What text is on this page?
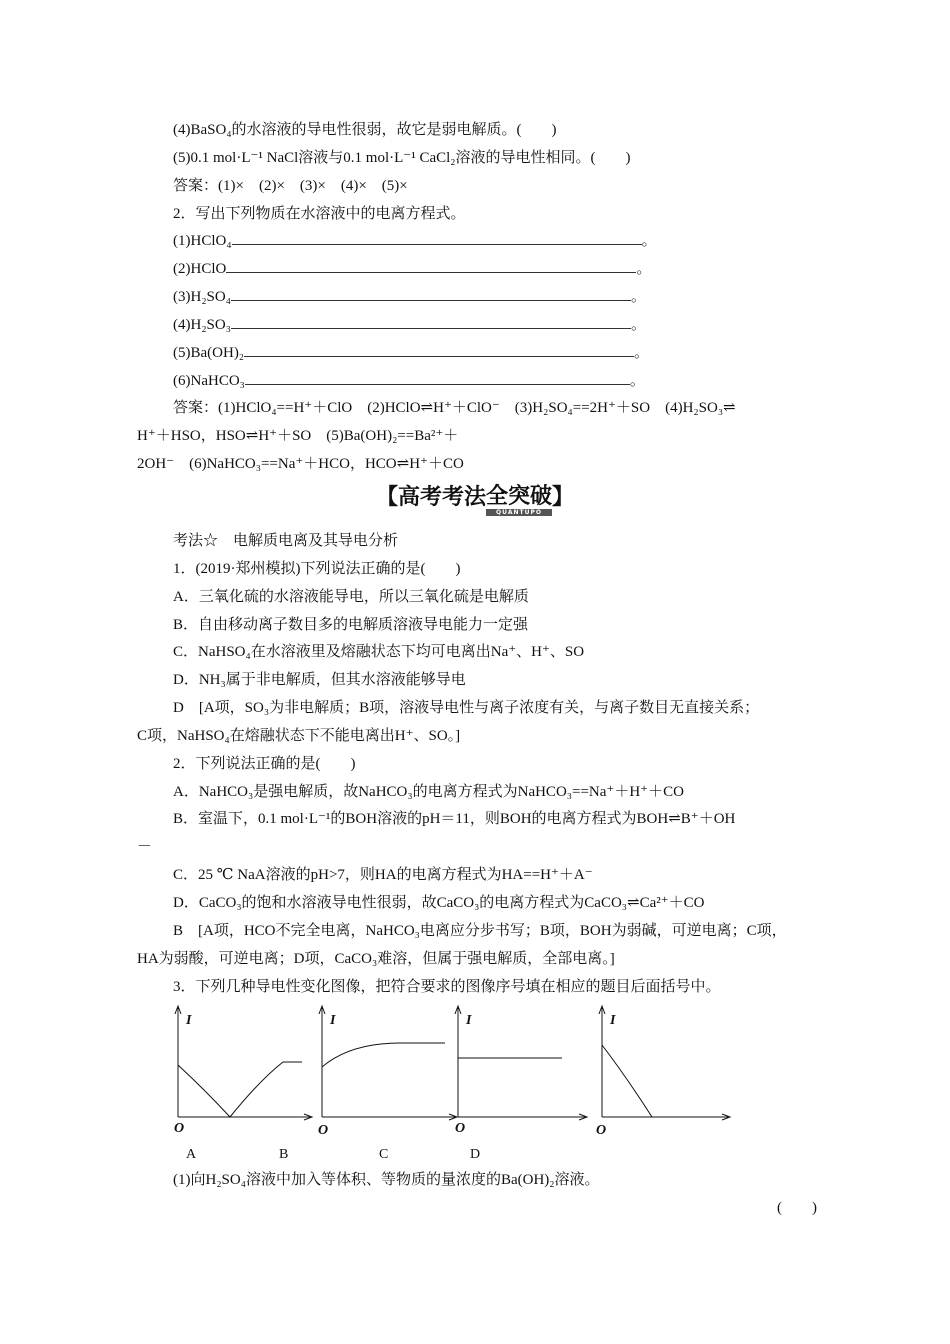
(4)BaSO₄的水溶液的导电性很弱，故它是弱电解质。(　　)
(5)0.1 mol·L⁻¹ NaCl溶液与0.1 mol·L⁻¹ CaCl₂溶液的导电性相同。(　　)
答案：(1)×　(2)×　(3)×　(4)×　(5)×
2．写出下列物质在水溶液中的电离方程式。
(1)HClO₄	。
(2)HClO	。
(3)H₂SO₄	。
(4)H₂SO₃	。
(5)Ba(OH)₂	。
(6)NaHCO₃	。
答案：(1)HClO₄==H⁺＋ClO　(2)HClO⇌H⁺＋ClO⁻　(3)H₂SO₄==2H⁺＋SO　(4)H₂SO₃⇌
H⁺＋HSO，HSO⇌H⁺＋SO　(5)Ba(OH)₂==Ba²⁺＋
2OH⁻　(6)NaHCO₃==Na⁺＋HCO，HCO⇌H⁺＋CO
【高考考法 全突破
QUANTUPO
】
考法☆　电解质电离及其导电分析
1．(2019·郑州模拟)下列说法正确的是(　　)
A．三氧化硫的水溶液能导电，所以三氧化硫是电解质
B．自由移动离子数目多的电解质溶液导电能力一定强
C．NaHSO₄在水溶液里及熔融状态下均可电离出Na⁺、H⁺、SO
D．NH₃属于非电解质，但其水溶液能够导电
D　[A项，SO₃为非电解质；B项，溶液导电性与离子浓度有关，与离子数目无直接关系；
C项，NaHSO₄在熔融状态下不能电离出H⁺、SO。]
2．下列说法正确的是(　　)
A．NaHCO₃是强电解质，故NaHCO₃的电离方程式为NaHCO₃==Na⁺＋H⁺＋CO
B．室温下，0.1 mol·L⁻¹的BOH溶液的pH＝11，则BOH的电离方程式为BOH⇌B⁺＋OH
－
C．25 ℃ NaA溶液的pH>7，则HA的电离方程式为HA==H⁺＋A⁻
D．CaCO₃的饱和水溶液导电性很弱，故CaCO₃的电离方程式为CaCO₃⇌Ca²⁺＋CO
B　[A项，HCO不完全电离，NaHCO₃电离应分步书写；B项，BOH为弱碱，可逆电离；C项，
HA为弱酸，可逆电离；D项，CaCO₃难溶，但属于强电解质，全部电离。]
3．下列几种导电性变化图像，把符合要求的图像序号填在相应的题目后面括号中。
I	I	I	I
O	O	O	O
A	B	C	D
(1)向H₂SO₄溶液中加入等体积、等物质的量浓度的Ba(OH)₂溶液。
(　　)
